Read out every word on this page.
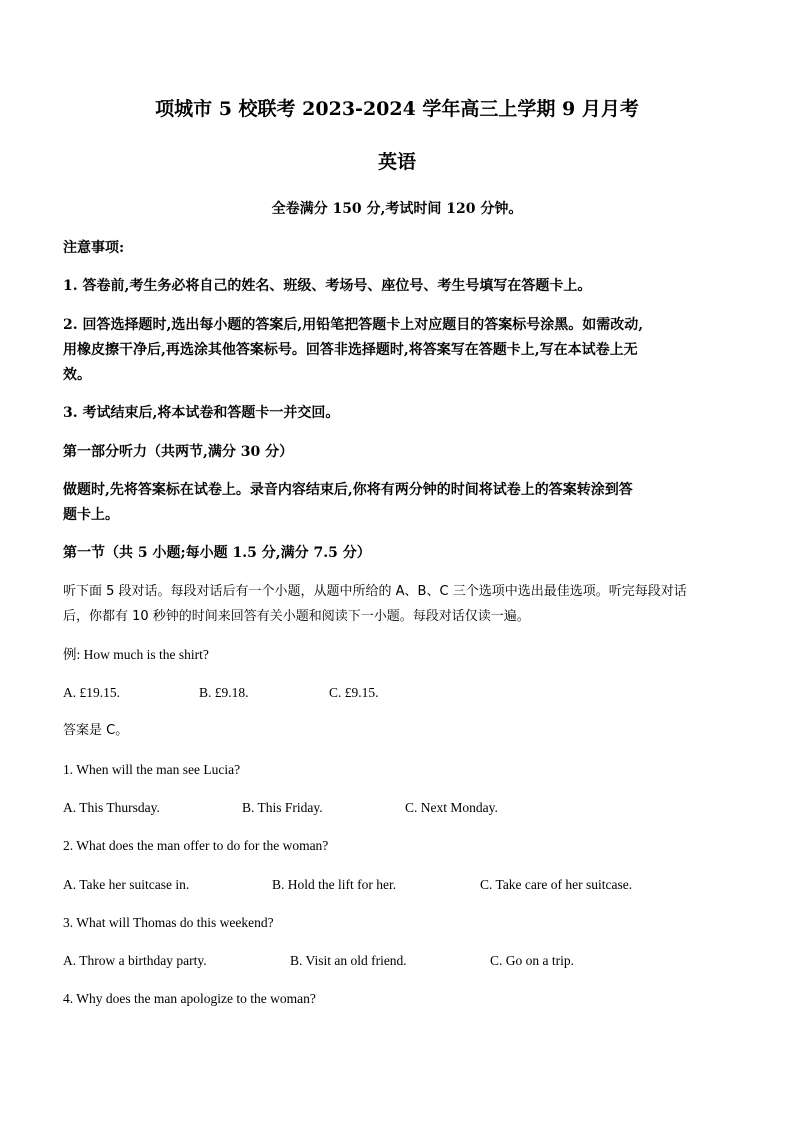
项城市 5 校联考 2023-2024 学年高三上学期 9 月月考
英语
全卷满分 150 分,考试时间 120 分钟。
注意事项:
1. 答卷前,考生务必将自己的姓名、班级、考场号、座位号、考生号填写在答题卡上。
2. 回答选择题时,选出每小题的答案后,用铅笔把答题卡上对应题目的答案标号涂黑。如需改动,
用橡皮擦干净后,再选涂其他答案标号。回答非选择题时,将答案写在答题卡上,写在本试卷上无
效。
3. 考试结束后,将本试卷和答题卡一并交回。
第一部分听力（共两节,满分 30 分）
做题时,先将答案标在试卷上。录音内容结束后,你将有两分钟的时间将试卷上的答案转涂到答
题卡上。
第一节（共 5 小题;每小题 1.5 分,满分 7.5 分）
听下面 5 段对话。每段对话后有一个小题，从题中所给的 A、B、C 三个选项中选出最佳选项。听完每段对话
后，你都有 10 秒钟的时间来回答有关小题和阅读下一小题。每段对话仅读一遍。
例: How much is the shirt?
A. £19.15.	B. £9.18.	C. £9.15.
答案是 C。
1. When will the man see Lucia?
A. This Thursday.	B. This Friday.	C. Next Monday.
2. What does the man offer to do for the woman?
A. Take her suitcase in.	B. Hold the lift for her.	C. Take care of her suitcase.
3. What will Thomas do this weekend?
A. Throw a birthday party.	B. Visit an old friend.	C. Go on a trip.
4. Why does the man apologize to the woman?
